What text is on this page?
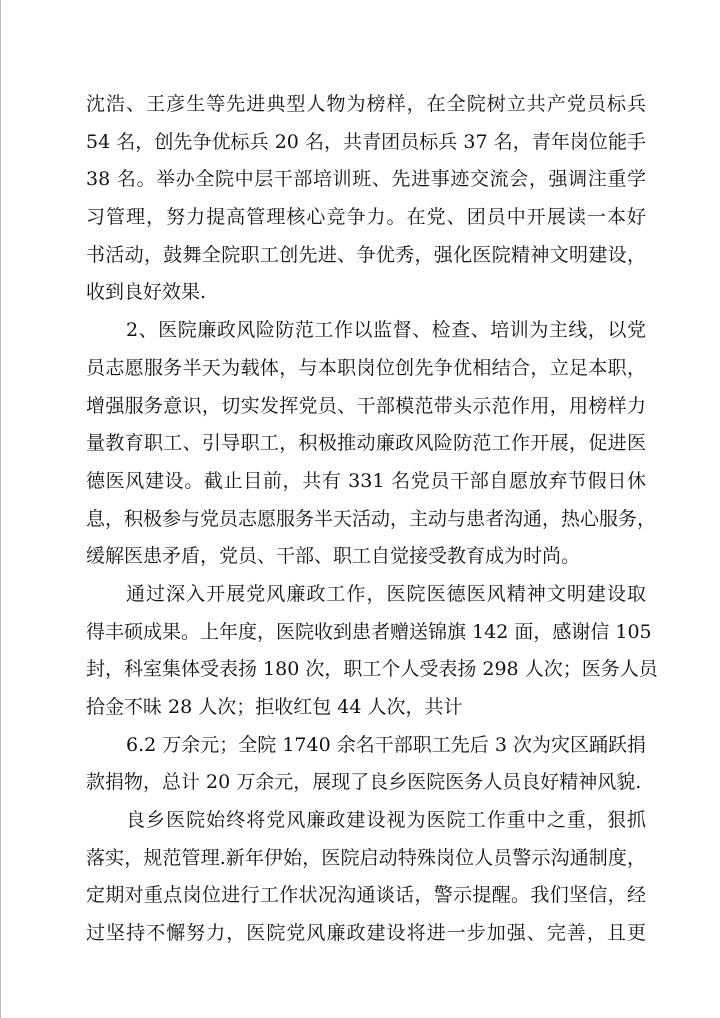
沈浩、王彦生等先进典型人物为榜样，在全院树立共产党员标兵
54 名，创先争优标兵 20 名，共青团员标兵 37 名，青年岗位能手
38 名。举办全院中层干部培训班、先进事迹交流会，强调注重学
习管理，努力提高管理核心竞争力。在党、团员中开展读一本好
书活动，鼓舞全院职工创先进、争优秀，强化医院精神文明建设，
收到良好效果.
2、医院廉政风险防范工作以监督、检查、培训为主线，以党
员志愿服务半天为载体，与本职岗位创先争优相结合，立足本职，
增强服务意识，切实发挥党员、干部模范带头示范作用，用榜样力
量教育职工、引导职工，积极推动廉政风险防范工作开展，促进医
德医风建设。截止目前，共有 331 名党员干部自愿放弃节假日休
息，积极参与党员志愿服务半天活动，主动与患者沟通，热心服务，
缓解医患矛盾，党员、干部、职工自觉接受教育成为时尚。
通过深入开展党风廉政工作，医院医德医风精神文明建设取
得丰硕成果。上年度，医院收到患者赠送锦旗 142 面，感谢信 105
封，科室集体受表扬 180 次，职工个人受表扬 298 人次；医务人员
拾金不昧 28 人次；拒收红包 44 人次，共计
6.2 万余元；全院 1740 余名干部职工先后 3 次为灾区踊跃捐
款捐物，总计 20 万余元，展现了良乡医院医务人员良好精神风貌.
良乡医院始终将党风廉政建设视为医院工作重中之重，狠抓
落实，规范管理.新年伊始，医院启动特殊岗位人员警示沟通制度，
定期对重点岗位进行工作状况沟通谈话，警示提醒。我们坚信，经
过坚持不懈努力，医院党风廉政建设将进一步加强、完善，且更
